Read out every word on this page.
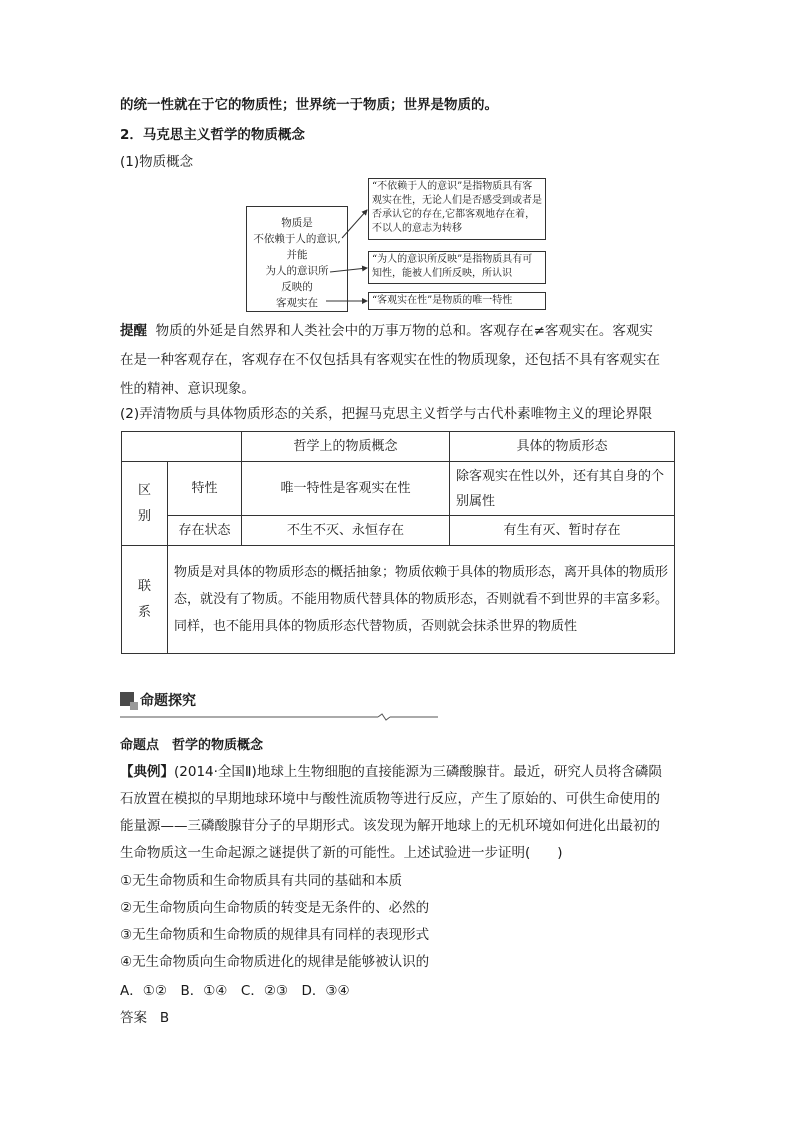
的统一性就在于它的物质性；世界统一于物质；世界是物质的。
2．马克思主义哲学的物质概念
(1)物质概念
物质是
不依赖于人的意识,
并能
为人的意识所
反映的
客观实在
“不依赖于人的意识”是指物质具有客观实在性，无论人们是否感受到或者是否承认它的存在,它都客观地存在着，不以人的意志为转移
“为人的意识所反映”是指物质具有可知性，能被人们所反映，所认识
“客观实在性”是物质的唯一特性
提醒 物质的外延是自然界和人类社会中的万事万物的总和。客观存在≠客观实在。客观实
在是一种客观存在，客观存在不仅包括具有客观实在性的物质现象，还包括不具有客观实在
性的精神、意识现象。
(2)弄清物质与具体物质形态的关系，把握马克思主义哲学与古代朴素唯物主义的理论界限
		哲学上的物质概念	具体的物质形态
区别	特性	唯一特性是客观实在性	除客观实在性以外，还有其自身的个别属性
	存在状态	不生不灭、永恒存在	有生有灭、暂时存在
联系	物质是对具体的物质形态的概括抽象；物质依赖于具体的物质形态，离开具体的物质形态，就没有了物质。不能用物质代替具体的物质形态，否则就看不到世界的丰富多彩。同样，也不能用具体的物质形态代替物质，否则就会抹杀世界的物质性		
命题探究
命题点　哲学的物质概念
【典例】(2014·全国Ⅱ)地球上生物细胞的直接能源为三磷酸腺苷。最近，研究人员将含磷陨
石放置在模拟的早期地球环境中与酸性流质物等进行反应，产生了原始的、可供生命使用的
能量源——三磷酸腺苷分子的早期形式。该发现为解开地球上的无机环境如何进化出最初的
生命物质这一生命起源之谜提供了新的可能性。上述试验进一步证明(　　)
①无生命物质和生命物质具有共同的基础和本质
②无生命物质向生命物质的转变是无条件的、必然的
③无生命物质和生命物质的规律具有同样的表现形式
④无生命物质向生命物质进化的规律是能够被认识的
A．①②　B．①④　C．②③　D．③④
答案 B
